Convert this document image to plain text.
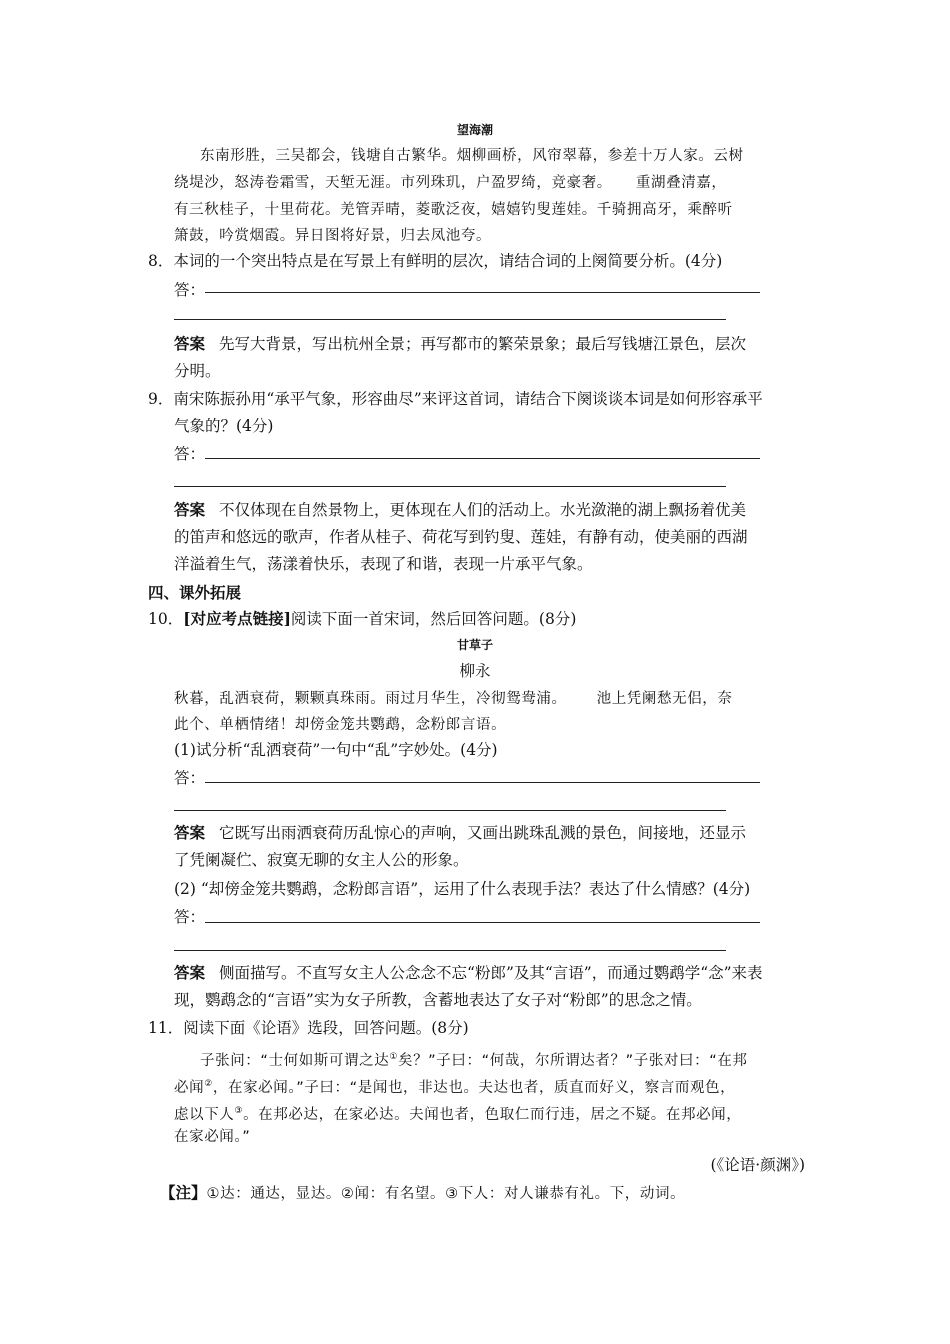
望海潮
东南形胜，三吴都会，钱塘自古繁华。烟柳画桥，风帘翠幕，参差十万人家。云树
绕堤沙，怒涛卷霜雪，天堑无涯。市列珠玑，户盈罗绮，竞豪奢。 重湖叠清嘉，
有三秋桂子，十里荷花。羌管弄晴，菱歌泛夜，嬉嬉钓叟莲娃。千骑拥高牙，乘醉听
箫鼓，吟赏烟霞。异日图将好景，归去凤池夸。
8．本词的一个突出特点是在写景上有鲜明的层次，请结合词的上阕简要分析。(4分)
答：
答案 先写大背景，写出杭州全景；再写都市的繁荣景象；最后写钱塘江景色，层次
分明。
9．南宋陈振孙用“承平气象，形容曲尽”来评这首词，请结合下阕谈谈本词是如何形容承平
气象的？(4分)
答：
答案 不仅体现在自然景物上，更体现在人们的活动上。水光潋滟的湖上飘扬着优美
的笛声和悠远的歌声，作者从桂子、荷花写到钓叟、莲娃，有静有动，使美丽的西湖
洋溢着生气，荡漾着快乐，表现了和谐，表现一片承平气象。
四、课外拓展
10．[对应考点链接]阅读下面一首宋词，然后回答问题。(8分)
甘草子
柳永
秋暮，乱洒衰荷，颗颗真珠雨。雨过月华生，冷彻鸳鸯浦。 池上凭阑愁无侣，奈
此个、单栖情绪！却傍金笼共鹦鹉，念粉郎言语。
(1)试分析“乱洒衰荷”一句中“乱”字妙处。(4分)
答：
答案 它既写出雨洒衰荷历乱惊心的声响，又画出跳珠乱溅的景色，间接地，还显示
了凭阑凝伫、寂寞无聊的女主人公的形象。
(2) “却傍金笼共鹦鹉，念粉郎言语”，运用了什么表现手法？表达了什么情感？(4分)
答：
答案 侧面描写。不直写女主人公念念不忘“粉郎”及其“言语”，而通过鹦鹉学“念”来表
现，鹦鹉念的“言语”实为女子所教，含蓄地表达了女子对“粉郎”的思念之情。
11．阅读下面《论语》选段，回答问题。(8分)
子张问：“士何如斯可谓之达①矣？”子曰：“何哉，尔所谓达者？”子张对曰：“在邦
必闻②，在家必闻。”子曰：“是闻也，非达也。夫达也者，质直而好义，察言而观色，
虑以下人③。在邦必达，在家必达。夫闻也者，色取仁而行违，居之不疑。在邦必闻，
在家必闻。”
(《论语·颜渊》)
【注】①达：通达，显达。②闻：有名望。③下人：对人谦恭有礼。下，动词。
